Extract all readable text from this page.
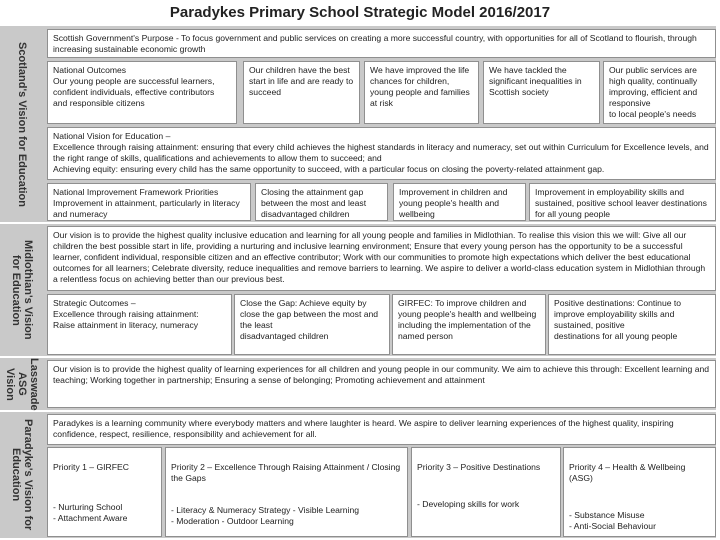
Paradykes Primary School Strategic Model 2016/2017
Scotland's Vision for Education
Scottish Government's Purpose - To focus government and public services on creating a more successful country, with opportunities for all of Scotland to flourish, through increasing sustainable economic growth
National Outcomes
Our young people are successful learners, confident individuals, effective contributors and responsible citizens
Our children have the best start in life and are ready to succeed
We have improved the life chances for children, young people and families at risk
We have tackled the significant inequalities in Scottish society
Our public services are high quality, continually improving, efficient and responsive
to local people's needs
National Vision for Education –
Excellence through raising attainment: ensuring that every child achieves the highest standards in literacy and numeracy, set out within Curriculum for Excellence levels, and the right range of skills, qualifications and achievements to allow them to succeed; and
Achieving equity: ensuring every child has the same opportunity to succeed, with a particular focus on closing the poverty-related attainment gap.
National Improvement Framework Priorities
Improvement in attainment, particularly in literacy and numeracy
Closing the attainment gap between the most and least disadvantaged children
Improvement in children and young people's health and wellbeing
Improvement in employability skills and sustained, positive school leaver destinations for all young people
Midlothian's Vision
for Education
Our vision is to provide the highest quality inclusive education and learning for all young people and families in Midlothian. To realise this vision this we will: Give all our children the best possible start in life, providing a nurturing and inclusive learning environment; Ensure that every young person has the opportunity to be a successful learner, confident individual, responsible citizen and an effective contributor; Work with our communities to promote high expectations which deliver the best educational outcomes for all learners; Celebrate diversity, reduce inequalities and remove barriers to learning. We aspire to deliver a world-class education system in Midlothian through a relentless focus on achieving better than our previous best.
Strategic Outcomes –
Excellence through raising attainment:
Raise attainment in literacy, numeracy
Close the Gap: Achieve equity by close the gap between the most and the least
disadvantaged children
GIRFEC: To improve children and young people's health and wellbeing including the implementation of the named person
Positive destinations: Continue to improve employability skills and sustained, positive
destinations for all young people
Lasswade
ASG
Vision	Our vision is to provide the highest quality of learning experiences for all children and young people in our community. We aim to achieve this through: Excellent learning and teaching; Working together in partnership; Ensuring a sense of belonging; Promoting achievement and attainment
Paradyke's Vision for
Education
Paradykes is a learning community where everybody matters and where laughter is heard. We aspire to deliver learning experiences of the highest quality, inspiring confidence, respect, resilience, responsibility and achievement for all.

Priority 1 – GIRFEC

- Nurturing School
- Attachment Aware

Priority 2 – Excellence Through Raising Attainment / Closing the Gaps

- Literacy & Numeracy Strategy - Visible Learning
- Moderation - Outdoor Learning

Priority 3 – Positive Destinations

- Developing skills for work

Priority 4 – Health & Wellbeing (ASG)

- Substance Misuse
- Anti-Social Behaviour
